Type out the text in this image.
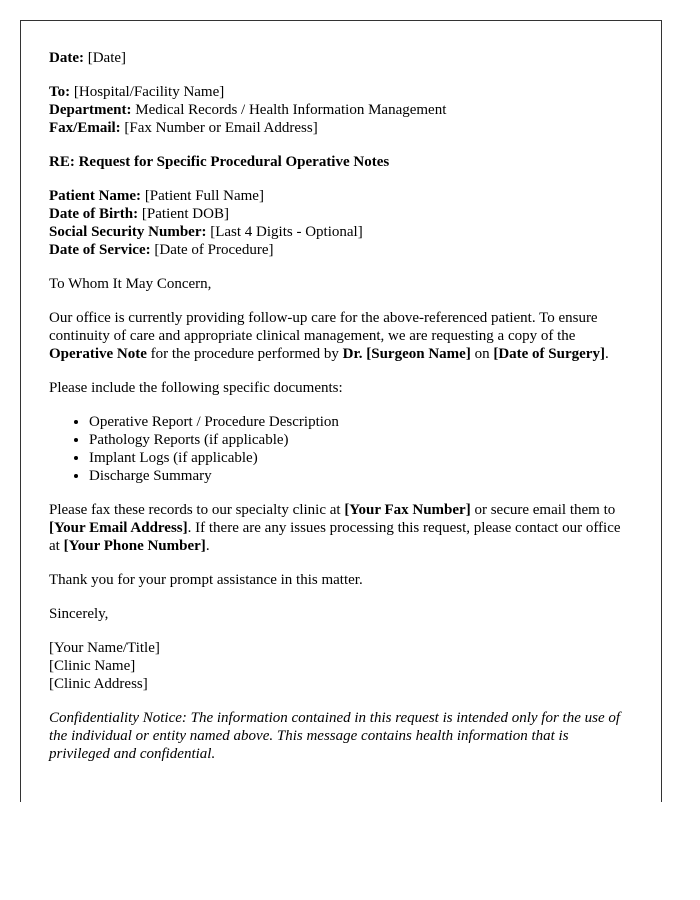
Date: [Date]

To: [Hospital/Facility Name]
Department: Medical Records / Health Information Management
Fax/Email: [Fax Number or Email Address]

RE: Request for Specific Procedural Operative Notes

Patient Name: [Patient Full Name]
Date of Birth: [Patient DOB]
Social Security Number: [Last 4 Digits - Optional]
Date of Service: [Date of Procedure]

To Whom It May Concern,

Our office is currently providing follow-up care for the above-referenced patient. To ensure continuity of care and appropriate clinical management, we are requesting a copy of the Operative Note for the procedure performed by Dr. [Surgeon Name] on [Date of Surgery].

Please include the following specific documents:

• Operative Report / Procedure Description
• Pathology Reports (if applicable)
• Implant Logs (if applicable)
• Discharge Summary

Please fax these records to our specialty clinic at [Your Fax Number] or secure email them to [Your Email Address]. If there are any issues processing this request, please contact our office at [Your Phone Number].

Thank you for your prompt assistance in this matter.

Sincerely,

[Your Name/Title]
[Clinic Name]
[Clinic Address]

Confidentiality Notice: The information contained in this request is intended only for the use of the individual or entity named above. This message contains health information that is privileged and confidential.
